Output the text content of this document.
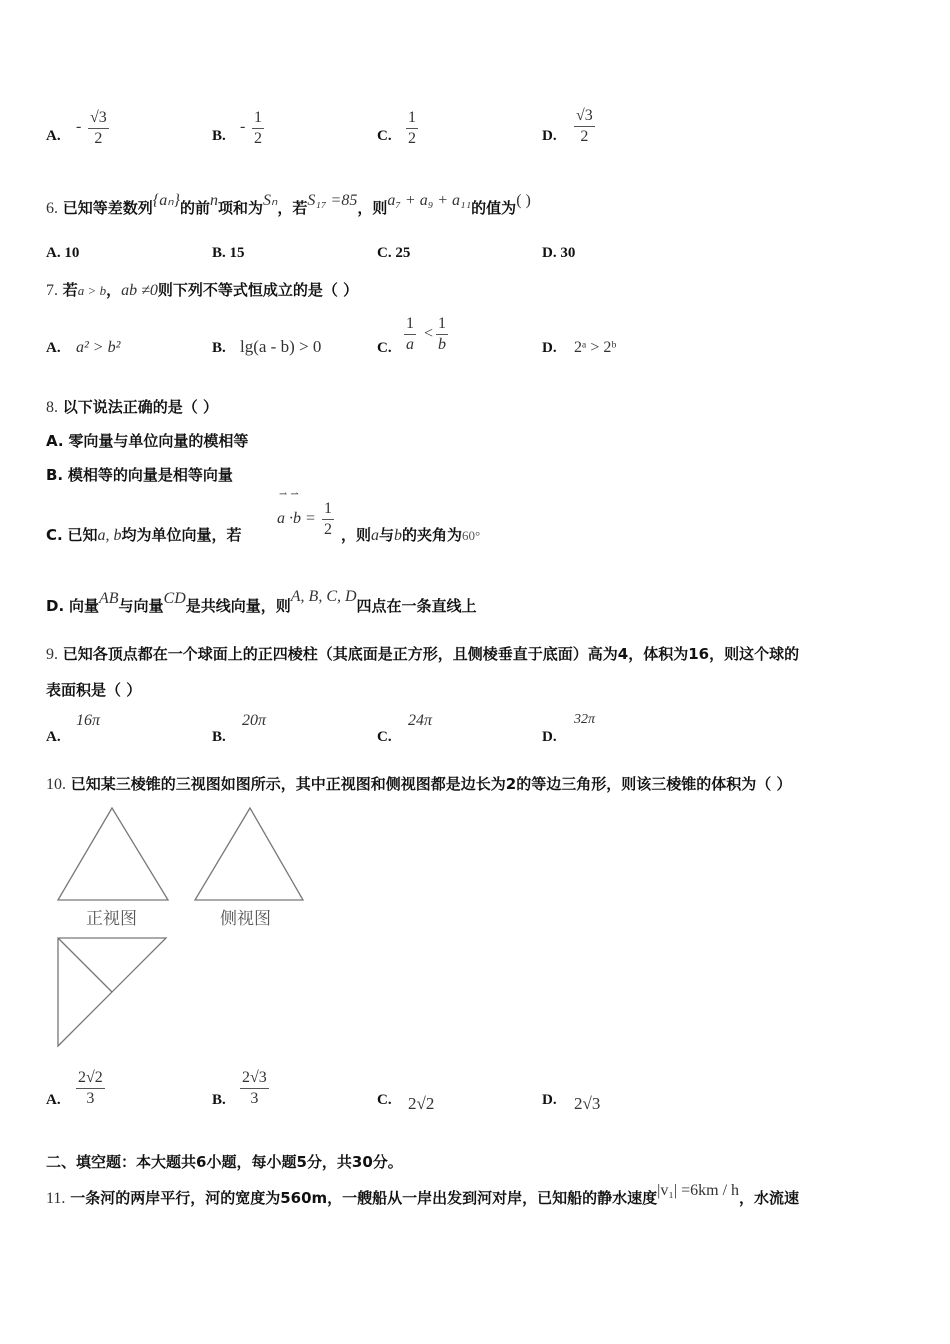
A.
- $\frac{√3}{2}$	B.
- $\frac{1}{2}$	C. $\frac{1}{2}$	D. $\frac{√3}{2}$
6. 已知等差数列{aₙ}的前n项和为Sₙ，若S₁₇ =85，则a₇ + a₉ + a₁₁的值为( )
A. 10	B. 15	C. 25	D. 30
7. 若a > b，ab ≠0则下列不等式恒成立的是（ ）
A. a² > b²	B. lg(a - b) > 0	C. $\frac{1}{a} < \frac{1}{b}$	D. 2ᵃ > 2ᵇ
8. 以下说法正确的是（ ）
A. 零向量与单位向量的模相等
B. 模相等的向量是相等向量
C. 已知a, b均为单位向量，若
⇀ ⇀
$a \cdot b = \frac{1}{2}$ ，则a与b的夹角为60°
D. 向量AB与向量CD是共线向量，则A, B, C, D四点在一条直线上
9. 已知各顶点都在一个球面上的正四棱柱（其底面是正方形，且侧棱垂直于底面）高为4，体积为16，则这个球的
表面积是（ ）
A.
16π
B.
20π
C.
24π
D.
32π
10. 已知某三棱锥的三视图如图所示，其中正视图和侧视图都是边长为2的等边三角形，则该三棱锥的体积为（ ）
正视图	侧视图
A. $\frac{2√2}{3}$	B. $\frac{2√3}{3}$	C. 2√2	D. 2√3
二、填空题：本大题共6小题，每小题5分，共30分。
11. 一条河的两岸平行，河的宽度为560m，一艘船从一岸出发到河对岸，已知船的静水速度|v₁| =6km / h，水流速
